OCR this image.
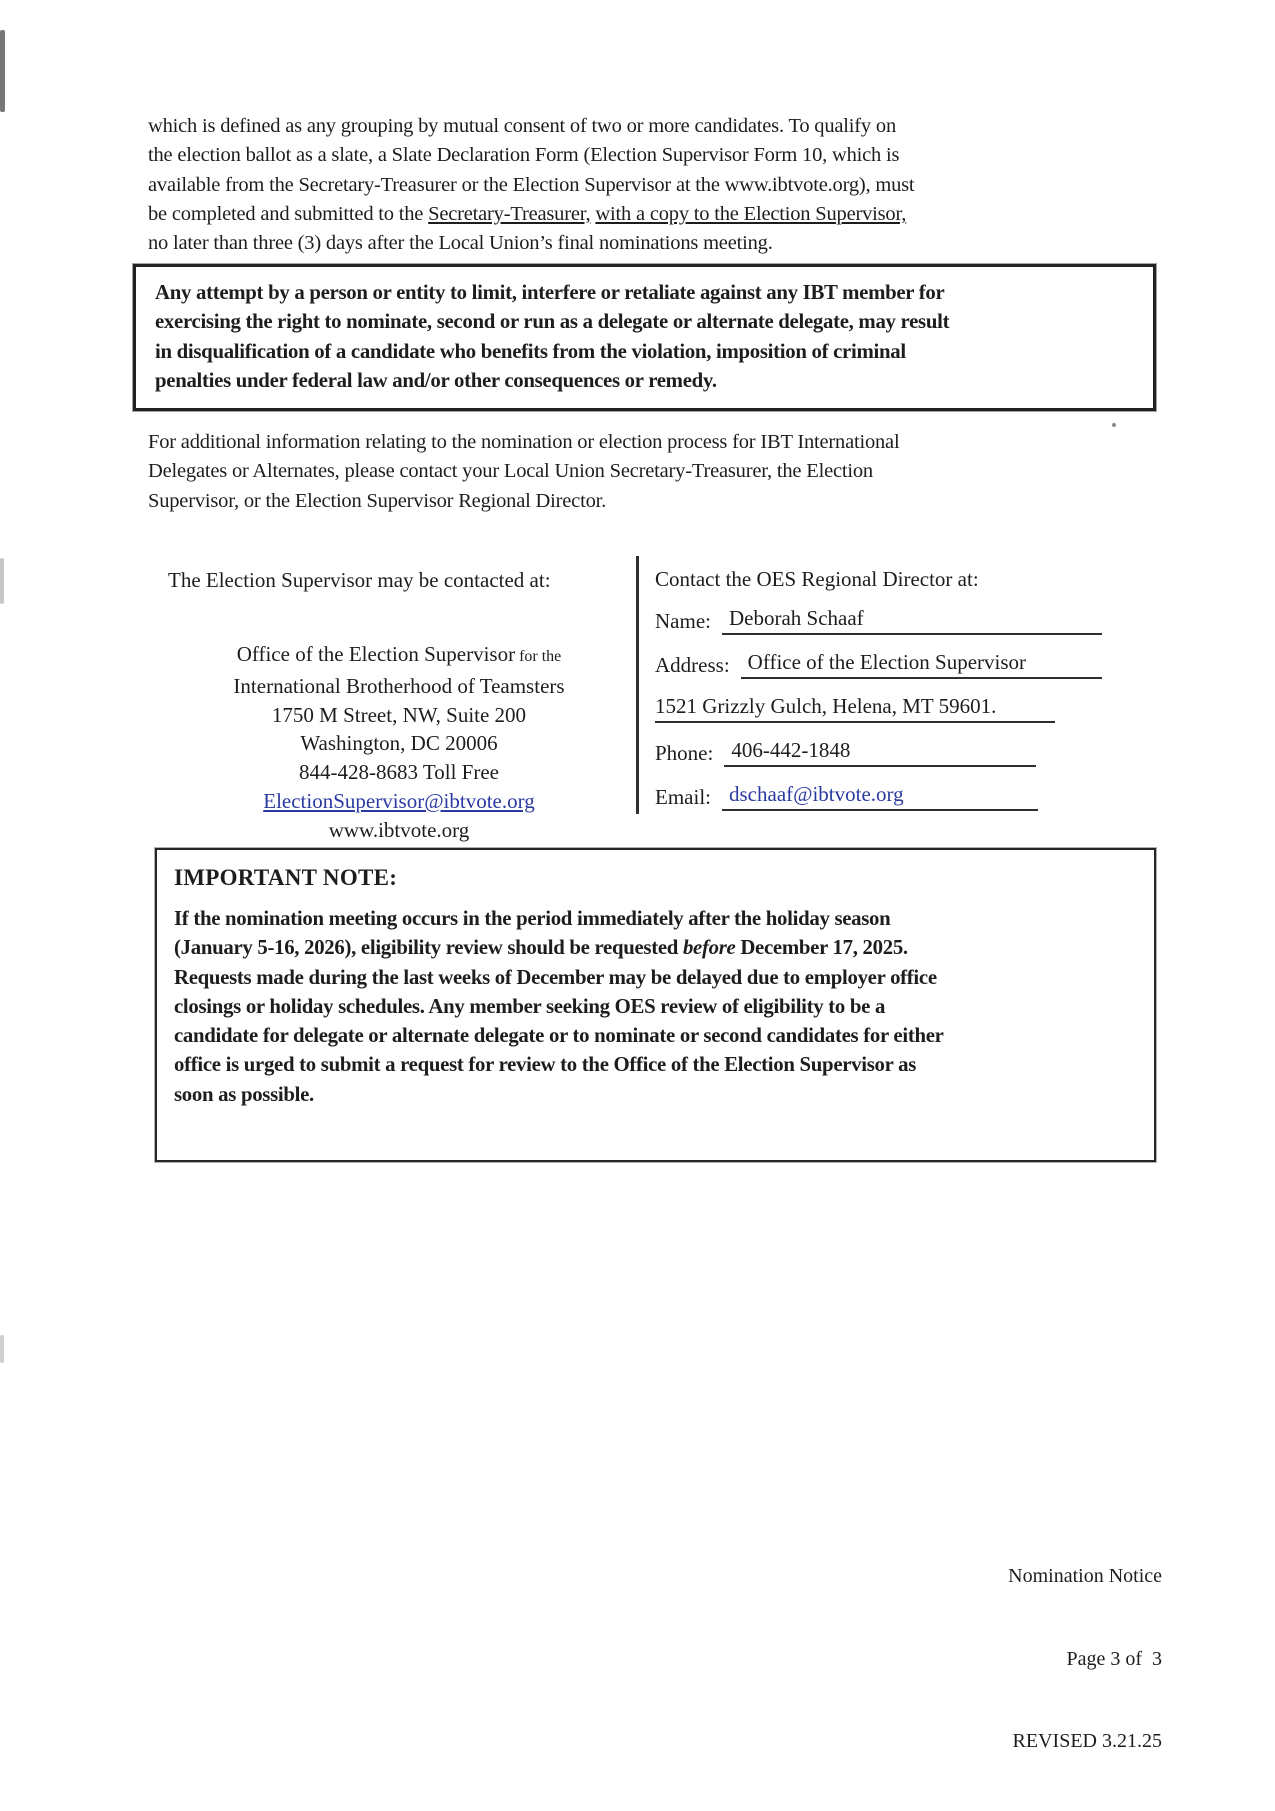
which is defined as any grouping by mutual consent of two or more candidates. To qualify on
the election ballot as a slate, a Slate Declaration Form (Election Supervisor Form 10, which is
available from the Secretary-Treasurer or the Election Supervisor at the www.ibtvote.org), must
be completed and submitted to the Secretary-Treasurer, with a copy to the Election Supervisor,
no later than three (3) days after the Local Union’s final nominations meeting.
Any attempt by a person or entity to limit, interfere or retaliate against any IBT member for
exercising the right to nominate, second or run as a delegate or alternate delegate, may result
in disqualification of a candidate who benefits from the violation, imposition of criminal
penalties under federal law and/or other consequences or remedy.
For additional information relating to the nomination or election process for IBT International
Delegates or Alternates, please contact your Local Union Secretary-Treasurer, the Election
Supervisor, or the Election Supervisor Regional Director.
The Election Supervisor may be contacted at:
Office of the Election Supervisor for the
International Brotherhood of Teamsters
1750 M Street, NW, Suite 200
Washington, DC 20006
844-428-8683 Toll Free
ElectionSupervisor@ibtvote.org
www.ibtvote.org
Contact the OES Regional Director at:
Name: Deborah Schaaf
Address: Office of the Election Supervisor
1521 Grizzly Gulch, Helena, MT 59601.
Phone: 406-442-1848
Email: dschaaf@ibtvote.org
IMPORTANT NOTE:
If the nomination meeting occurs in the period immediately after the holiday season
(January 5-16, 2026), eligibility review should be requested before December 17, 2025.
Requests made during the last weeks of December may be delayed due to employer office
closings or holiday schedules. Any member seeking OES review of eligibility to be a
candidate for delegate or alternate delegate or to nominate or second candidates for either
office is urged to submit a request for review to the Office of the Election Supervisor as
soon as possible.

Nomination Notice

Page 3 of  3

REVISED 3.21.25
